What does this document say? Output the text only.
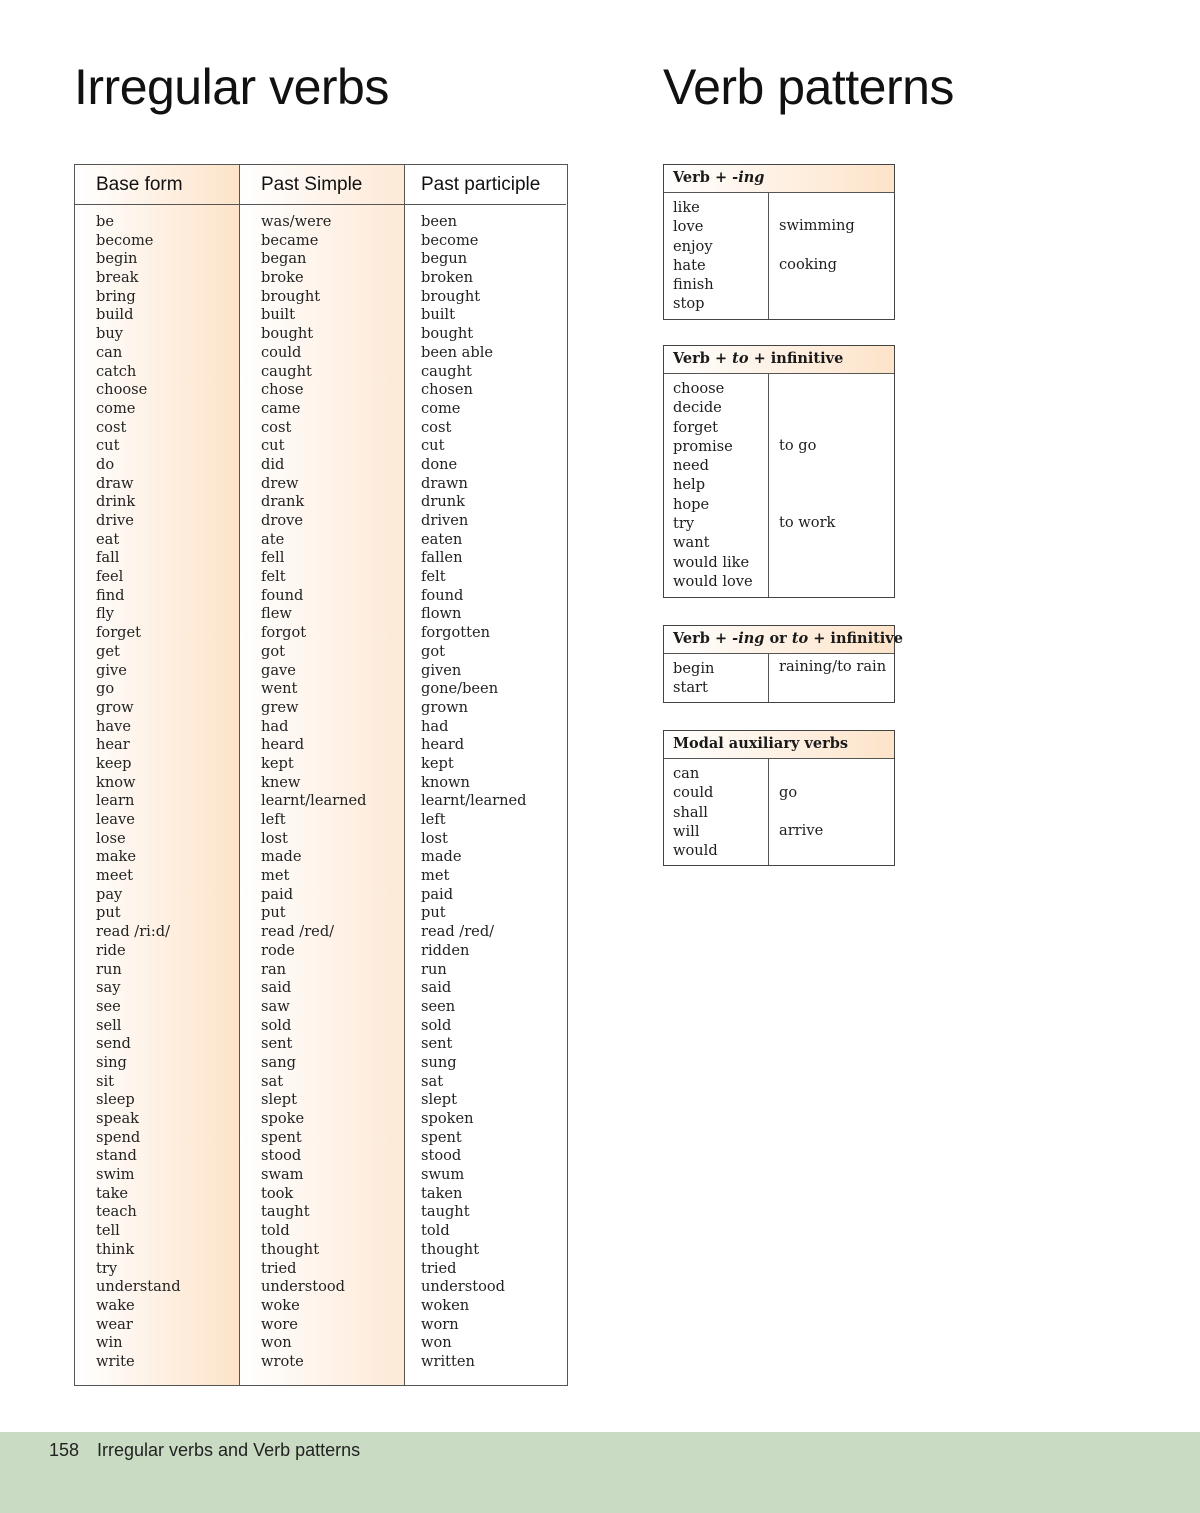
Irregular verbs	Verb patterns
Base form
be
become
begin
break
bring
build
buy
can
catch
choose
come
cost
cut
do
draw
drink
drive
eat
fall
feel
find
fly
forget
get
give
go
grow
have
hear
keep
know
learn
leave
lose
make
meet
pay
put
read /ri:d/
ride
run
say
see
sell
send
sing
sit
sleep
speak
spend
stand
swim
take
teach
tell
think
try
understand
wake
wear
win
write
Past Simple
was/were
became
began
broke
brought
built
bought
could
caught
chose
came
cost
cut
did
drew
drank
drove
ate
fell
felt
found
flew
forgot
got
gave
went
grew
had
heard
kept
knew
learnt/learned
left
lost
made
met
paid
put
read /red/
rode
ran
said
saw
sold
sent
sang
sat
slept
spoke
spent
stood
swam
took
taught
told
thought
tried
understood
woke
wore
won
wrote
Past participle
been
become
begun
broken
brought
built
bought
been able
caught
chosen
come
cost
cut
done
drawn
drunk
driven
eaten
fallen
felt
found
flown
forgotten
got
given
gone/been
grown
had
heard
kept
known
learnt/learned
left
lost
made
met
paid
put
read /red/
ridden
run
said
seen
sold
sent
sung
sat
slept
spoken
spent
stood
swum
taken
taught
told
thought
tried
understood
woken
worn
won
written
Verb + -ing
like
love
enjoy
hate
finish
stop
swimming
cooking
Verb + to + infinitive
choose
decide
forget
promise
need
help
hope
try
want
would like
would love
to go
to work
Verb + -ing or to + infinitive
begin
start
raining/to rain
Modal auxiliary verbs
can
could
shall
will
would
go
arrive
158 Irregular verbs and Verb patterns
